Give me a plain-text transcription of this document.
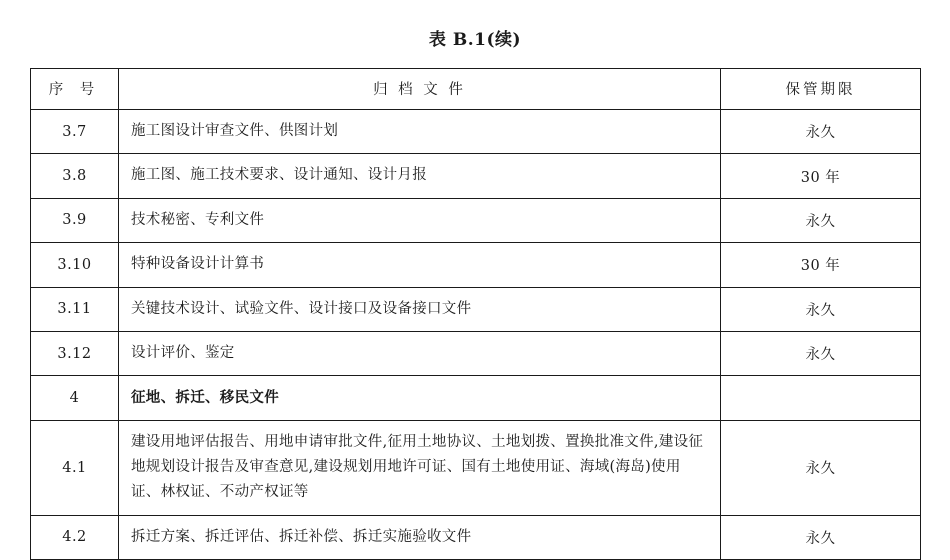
表 B.1(续)
序 号	归 档 文 件	保管期限
3.7	施工图设计审查文件、供图计划	永久
3.8	施工图、施工技术要求、设计通知、设计月报	30 年
3.9	技术秘密、专利文件	永久
3.10	特种设备设计计算书	30 年
3.11	关键技术设计、试验文件、设计接口及设备接口文件	永久
3.12	设计评价、鉴定	永久
4	征地、拆迁、移民文件	
4.1	建设用地评估报告、用地申请审批文件,征用土地协议、土地划拨、置换批准文件,建设征地规划设计报告及审查意见,建设规划用地许可证、国有土地使用证、海域(海岛)使用证、林权证、不动产权证等	永久
4.2	拆迁方案、拆迁评估、拆迁补偿、拆迁实施验收文件	永久
